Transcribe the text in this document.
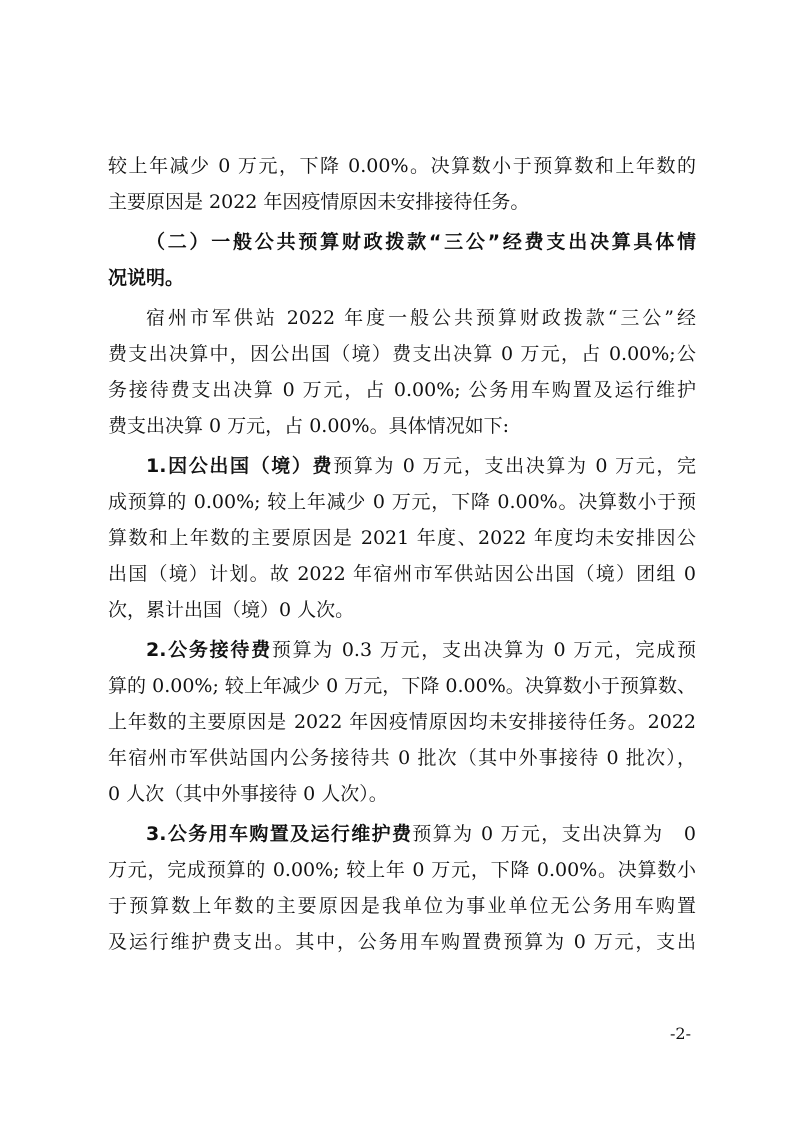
较上年减少 0 万元，下降 0.00%。决算数小于预算数和上年数的
主要原因是 2022 年因疫情原因未安排接待任务。
（二）一般公共预算财政拨款“三公”经费支出决算具体情
况说明。
宿州市军供站 2022 年度一般公共预算财政拨款“三公”经
费支出决算中，因公出国（境）费支出决算 0 万元，占 0.00%;公
务接待费支出决算 0 万元，占 0.00%; 公务用车购置及运行维护
费支出决算 0 万元，占 0.00%。具体情况如下:
1.因公出国（境）费预算为 0 万元，支出决算为 0 万元，完
成预算的 0.00%; 较上年减少 0 万元，下降 0.00%。决算数小于预
算数和上年数的主要原因是 2021 年度、2022 年度均未安排因公
出国（境）计划。故 2022 年宿州市军供站因公出国（境）团组 0
次，累计出国（境）0 人次。
2.公务接待费预算为 0.3 万元，支出决算为 0 万元，完成预
算的 0.00%; 较上年减少 0 万元，下降 0.00%。决算数小于预算数、
上年数的主要原因是 2022 年因疫情原因均未安排接待任务。2022
年宿州市军供站国内公务接待共 0 批次（其中外事接待 0 批次），
0 人次（其中外事接待 0 人次）。
3.公务用车购置及运行维护费预算为 0 万元，支出决算为　0
万元，完成预算的 0.00%; 较上年 0 万元，下降 0.00%。决算数小
于预算数上年数的主要原因是我单位为事业单位无公务用车购置
及运行维护费支出。其中，公务用车购置费预算为 0 万元，支出
-2-
